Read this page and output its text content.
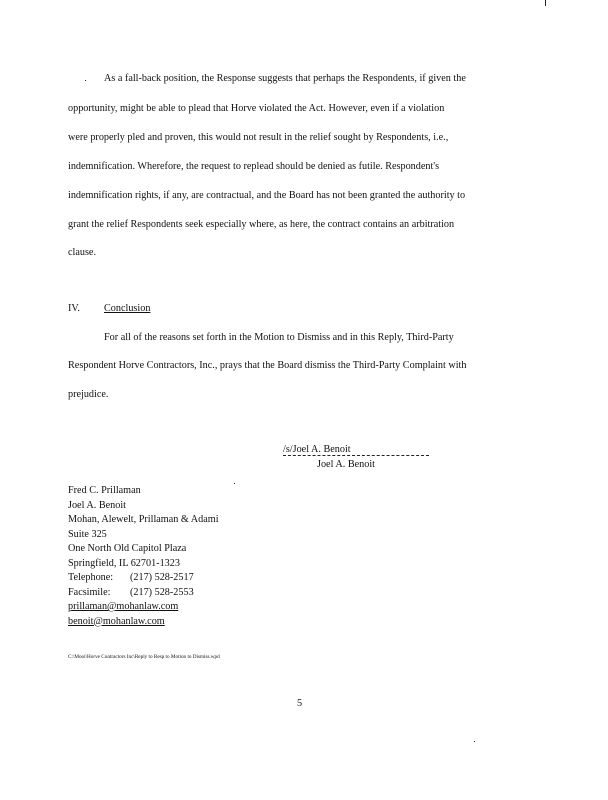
As a fall-back position, the Response suggests that perhaps the Respondents, if given the
opportunity, might be able to plead that Horve violated the Act. However, even if a violation
were properly pled and proven, this would not result in the relief sought by Respondents, i.e.,
indemnification. Wherefore, the request to replead should be denied as futile. Respondent's
indemnification rights, if any, are contractual, and the Board has not been granted the authority to
grant the relief Respondents seek especially where, as here, the contract contains an arbitration
clause.
IV. Conclusion
For all of the reasons set forth in the Motion to Dismiss and in this Reply, Third-Party
Respondent Horve Contractors, Inc., prays that the Board dismiss the Third-Party Complaint with
prejudice.
/s/Joel A. Benoit
Joel A. Benoit
Fred C. Prillaman
Joel A. Benoit
Mohan, Alewelt, Prillaman & Adami
Suite 325
One North Old Capitol Plaza
Springfield, IL 62701-1323
Telephone: (217) 528-2517
Facsimile: (217) 528-2553
prillaman@mohanlaw.com
benoit@mohanlaw.com
C:\Mooi\Horve Contractors Inc\Reply to Resp to Motion to Dismiss.wpd
5
